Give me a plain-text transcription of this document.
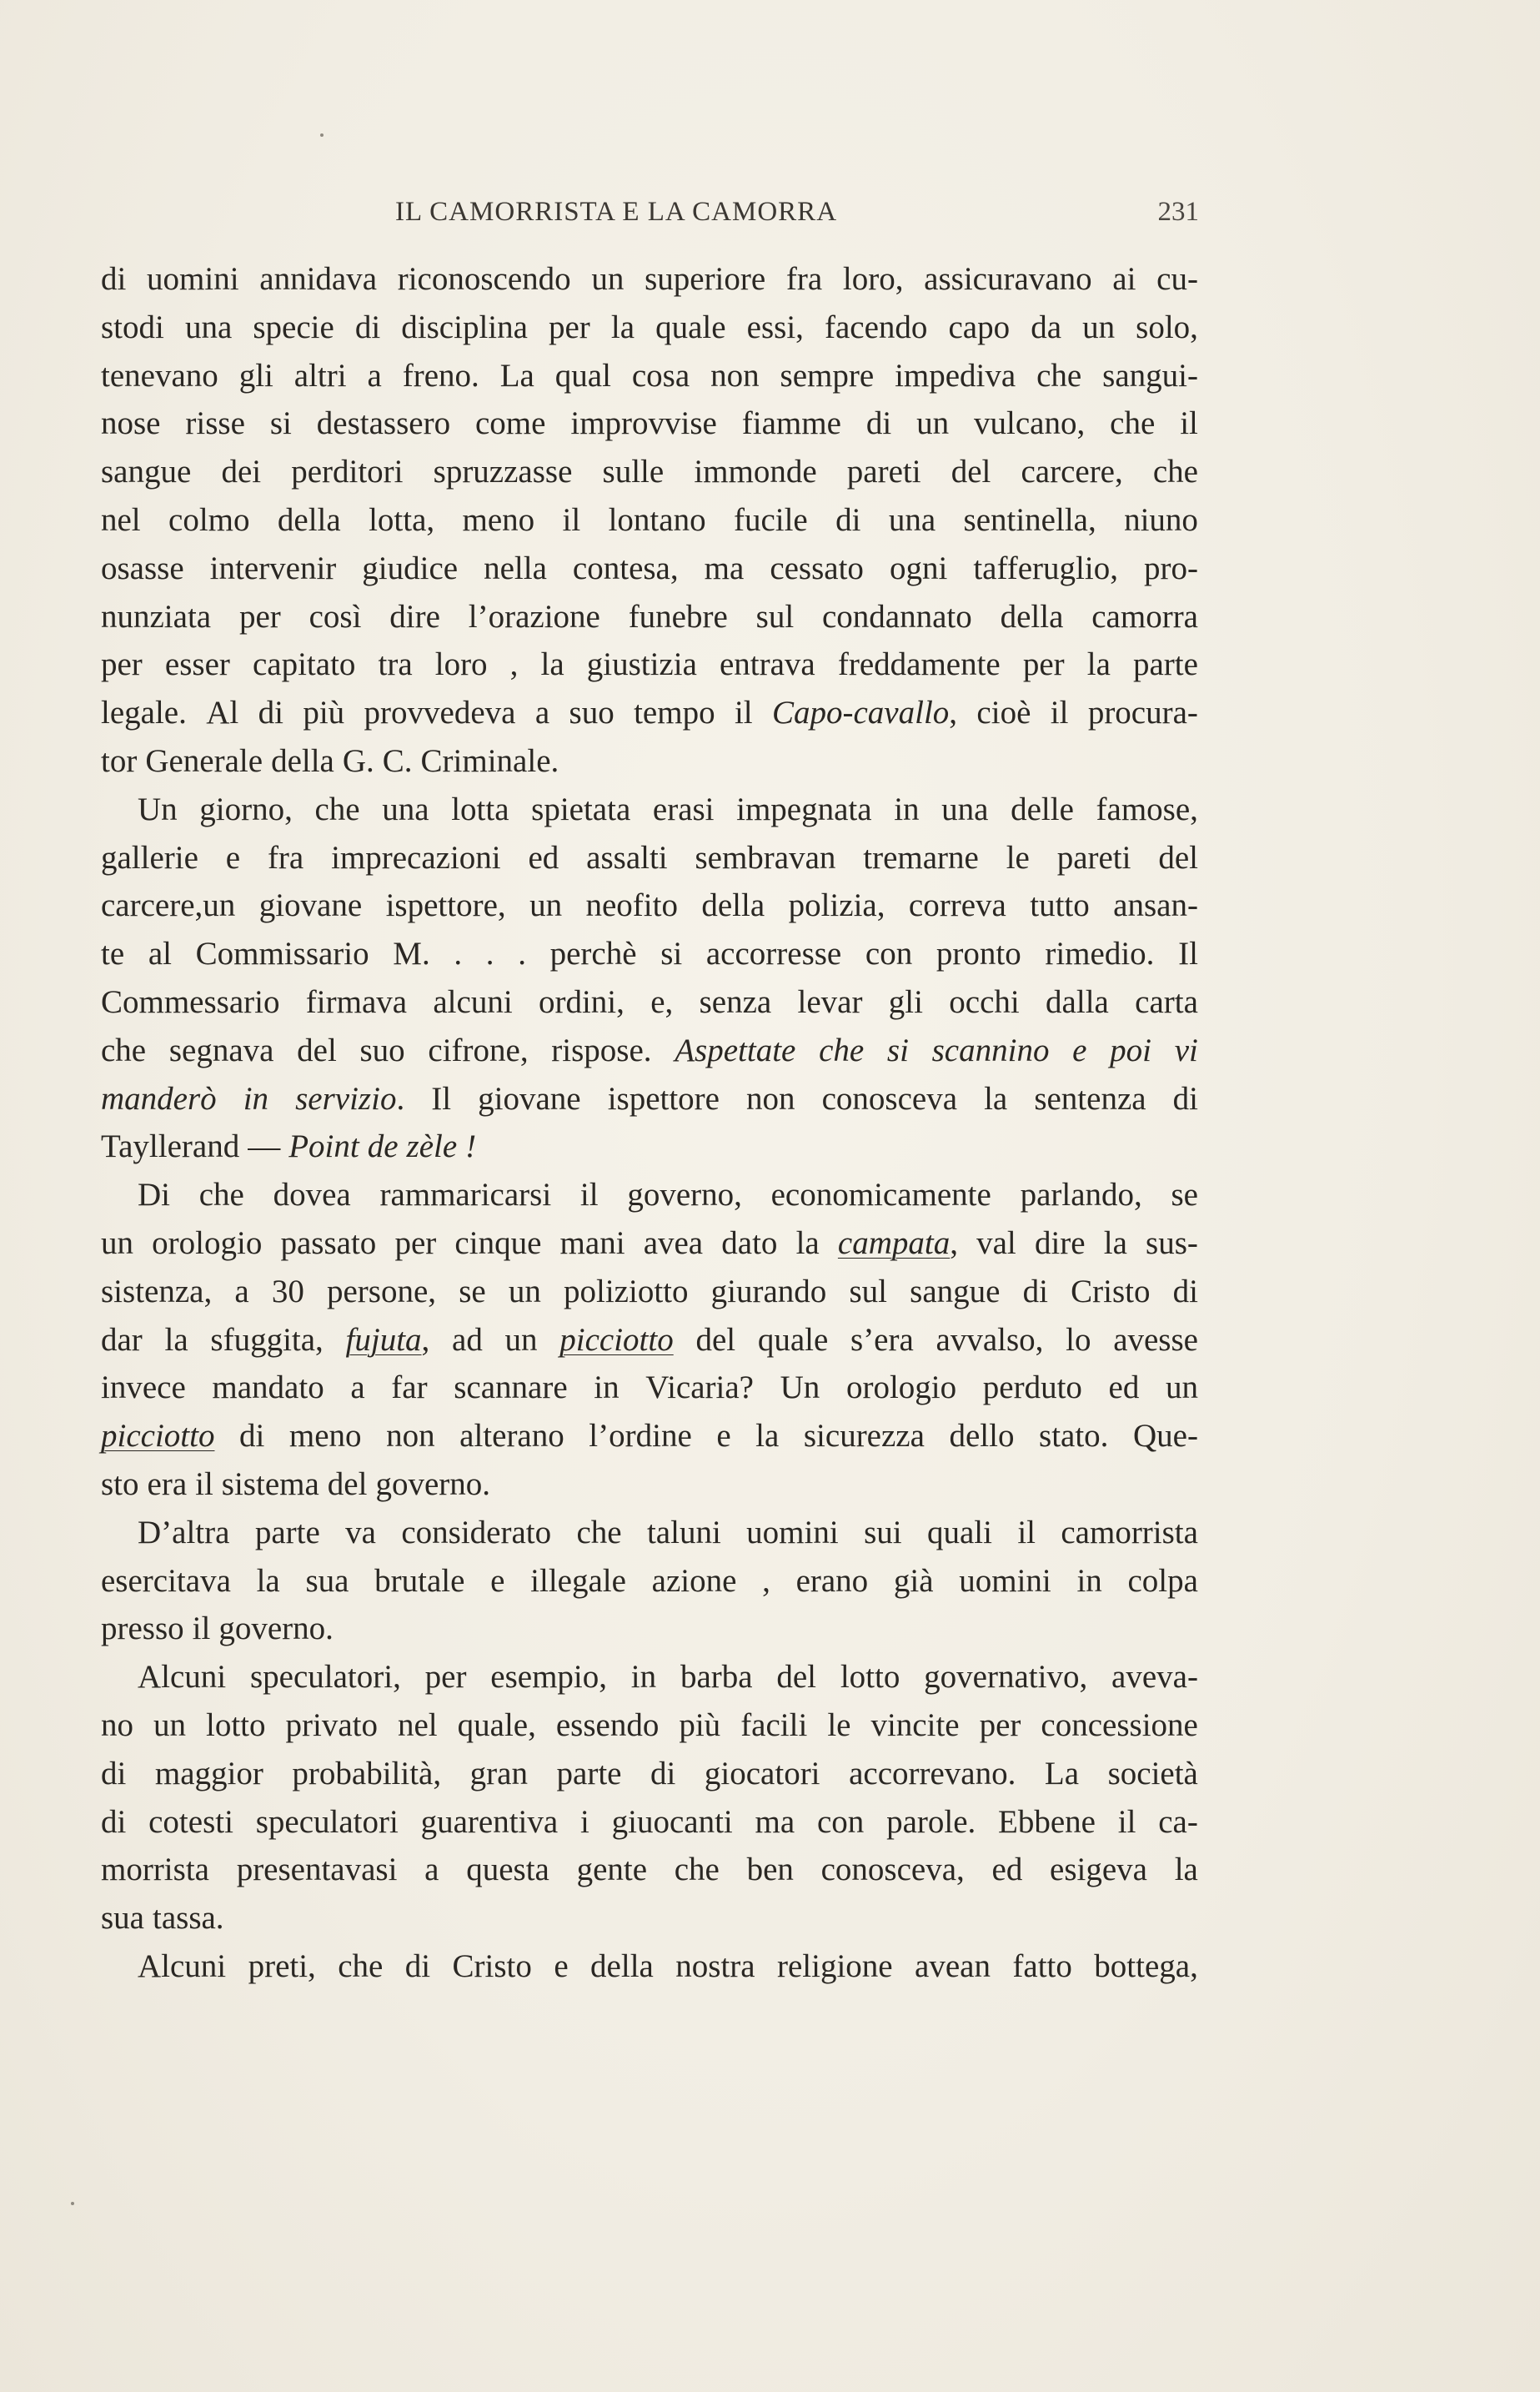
IL CAMORRISTA E LA CAMORRA	231
di uomini annidava riconoscendo un superiore fra loro, assicuravano ai cu-
stodi una specie di disciplina per la quale essi, facendo capo da un solo,
tenevano gli altri a freno. La qual cosa non sempre impediva che sangui-
nose risse si destassero come improvvise fiamme di un vulcano, che il
sangue dei perditori spruzzasse sulle immonde pareti del carcere, che
nel colmo della lotta, meno il lontano fucile di una sentinella, niuno
osasse intervenir giudice nella contesa, ma cessato ogni tafferuglio, pro-
nunziata per così dire l’orazione funebre sul condannato della camorra
per esser capitato tra loro , la giustizia entrava freddamente per la parte
legale. Al di più provvedeva a suo tempo il Capo-cavallo, cioè il procura-
tor Generale della G. C. Criminale.
Un giorno, che una lotta spietata erasi impegnata in una delle famose,
gallerie e fra imprecazioni ed assalti sembravan tremarne le pareti del
carcere,un giovane ispettore, un neofito della polizia, correva tutto ansan-
te al Commissario M. . . . perchè si accorresse con pronto rimedio. Il
Commessario firmava alcuni ordini, e, senza levar gli occhi dalla carta
che segnava del suo cifrone, rispose. Aspettate che si scannino e poi vi
manderò in servizio. Il giovane ispettore non conosceva la sentenza di
Tayllerand — Point de zèle !
Di che dovea rammaricarsi il governo, economicamente parlando, se
un orologio passato per cinque mani avea dato la campata, val dire la sus-
sistenza, a 30 persone, se un poliziotto giurando sul sangue di Cristo di
dar la sfuggita, fujuta, ad un picciotto del quale s’era avvalso, lo avesse
invece mandato a far scannare in Vicaria? Un orologio perduto ed un
picciotto di meno non alterano l’ordine e la sicurezza dello stato. Que-
sto era il sistema del governo.
D’altra parte va considerato che taluni uomini sui quali il camorrista
esercitava la sua brutale e illegale azione , erano già uomini in colpa
presso il governo.
Alcuni speculatori, per esempio, in barba del lotto governativo, aveva-
no un lotto privato nel quale, essendo più facili le vincite per concessione
di maggior probabilità, gran parte di giocatori accorrevano. La società
di cotesti speculatori guarentiva i giuocanti ma con parole. Ebbene il ca-
morrista presentavasi a questa gente che ben conosceva, ed esigeva la
sua tassa.
Alcuni preti, che di Cristo e della nostra religione avean fatto bottega,
